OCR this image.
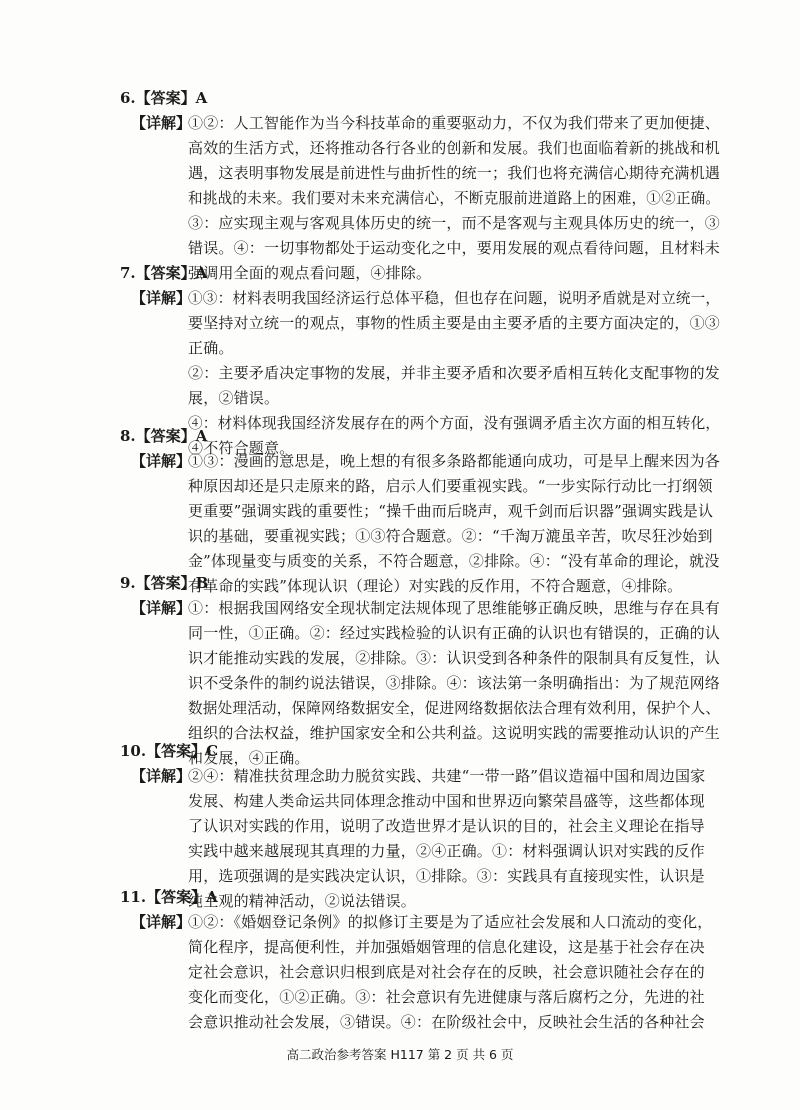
6.【答案】A
【详解】
①②：人工智能作为当今科技革命的重要驱动力，不仅为我们带来了更加便捷、
高效的生活方式，还将推动各行各业的创新和发展。我们也面临着新的挑战和机
遇，这表明事物发展是前进性与曲折性的统一；我们也将充满信心期待充满机遇
和挑战的未来。我们要对未来充满信心，不断克服前进道路上的困难，①②正确。
③：应实现主观与客观具体历史的统一，而不是客观与主观具体历史的统一，③
错误。④：一切事物都处于运动变化之中，要用发展的观点看待问题，且材料未
强调用全面的观点看问题，④排除。
7.【答案】A
【详解】
①③：材料表明我国经济运行总体平稳，但也存在问题，说明矛盾就是对立统一，
要坚持对立统一的观点，事物的性质主要是由主要矛盾的主要方面决定的，①③
正确。
②：主要矛盾决定事物的发展，并非主要矛盾和次要矛盾相互转化支配事物的发
展，②错误。
④：材料体现我国经济发展存在的两个方面，没有强调矛盾主次方面的相互转化，
④不符合题意。
8.【答案】A
【详解】
①③：漫画的意思是，晚上想的有很多条路都能通向成功，可是早上醒来因为各
种原因却还是只走原来的路，启示人们要重视实践。“一步实际行动比一打纲领
更重要”强调实践的重要性；“操千曲而后晓声，观千剑而后识器”强调实践是认
识的基础，要重视实践；①③符合题意。②：“千淘万漉虽辛苦，吹尽狂沙始到
金”体现量变与质变的关系，不符合题意，②排除。④：“没有革命的理论，就没
有革命的实践”体现认识（理论）对实践的反作用，不符合题意，④排除。
9.【答案】B
【详解】
①：根据我国网络安全现状制定法规体现了思维能够正确反映，思维与存在具有
同一性，①正确。②：经过实践检验的认识有正确的认识也有错误的，正确的认
识才能推动实践的发展，②排除。③：认识受到各种条件的限制具有反复性，认
识不受条件的制约说法错误，③排除。④：该法第一条明确指出：为了规范网络
数据处理活动，保障网络数据安全，促进网络数据依法合理有效利用，保护个人、
组织的合法权益，维护国家安全和公共利益。这说明实践的需要推动认识的产生
和发展，④正确。
10.【答案】C
【详解】
②④：精准扶贫理念助力脱贫实践、共建“一带一路”倡议造福中国和周边国家
发展、构建人类命运共同体理念推动中国和世界迈向繁荣昌盛等，这些都体现
了认识对实践的作用，说明了改造世界才是认识的目的，社会主义理论在指导
实践中越来越展现其真理的力量，②④正确。①：材料强调认识对实践的反作
用，选项强调的是实践决定认识，①排除。③：实践具有直接现实性，认识是
纯主观的精神活动，②说法错误。
11.【答案】A
【详解】
①②：《婚姻登记条例》的拟修订主要是为了适应社会发展和人口流动的变化，
简化程序，提高便利性，并加强婚姻管理的信息化建设，这是基于社会存在决
定社会意识，社会意识归根到底是对社会存在的反映，社会意识随社会存在的
变化而变化，①②正确。③：社会意识有先进健康与落后腐朽之分，先进的社
会意识推动社会发展，③错误。④：在阶级社会中，反映社会生活的各种社会
高二政治参考答案 H117 第 2 页 共 6 页
